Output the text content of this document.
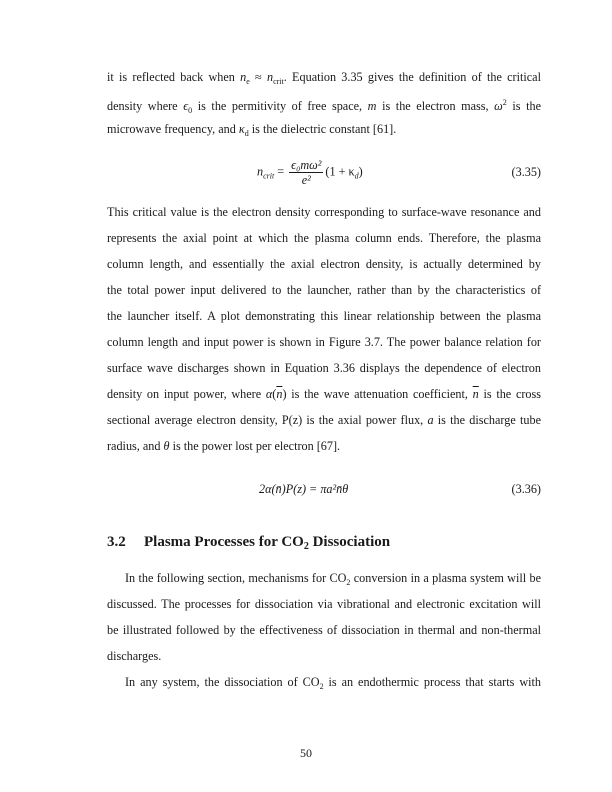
it is reflected back when $n_e \approx n_{crit}$. Equation 3.35 gives the definition of the critical
density where $\epsilon_0$ is the permitivity of free space, m is the electron mass, $\omega^2$ is the
microwave frequency, and $\kappa_d$ is the dielectric constant [61].
$n_{crit} = \frac{\text{ϵ₀mω²}}{\text{e²}} (1 + \kappa_d)$	(3.35)
This critical value is the electron density corresponding to surface-wave resonance and
represents the axial point at which the plasma column ends. Therefore, the plasma
column length, and essentially the axial electron density, is actually determined by
the total power input delivered to the launcher, rather than by the characteristics of
the launcher itself. A plot demonstrating this linear relationship between the plasma
column length and input power is shown in Figure 3.7. The power balance relation for
surface wave discharges shown in Equation 3.36 displays the dependence of electron
density on input power, where $\alpha(\overline{n})$ is the wave attenuation coefficient, $\overline{n}$ is the cross
sectional average electron density, P(z) is the axial power flux, a is the discharge tube
radius, and θ is the power lost per electron [67].
2α(n̄)P(z) = πa²n̄θ	(3.36)
3.2 Plasma Processes for $CO_2$ Dissociation
In the following section, mechanisms for $CO_2$ conversion in a plasma system will be
discussed. The processes for dissociation via vibrational and electronic excitation will
be illustrated followed by the effectiveness of dissociation in thermal and non-thermal
discharges.
In any system, the dissociation of $CO_2$ is an endothermic process that starts with
50
